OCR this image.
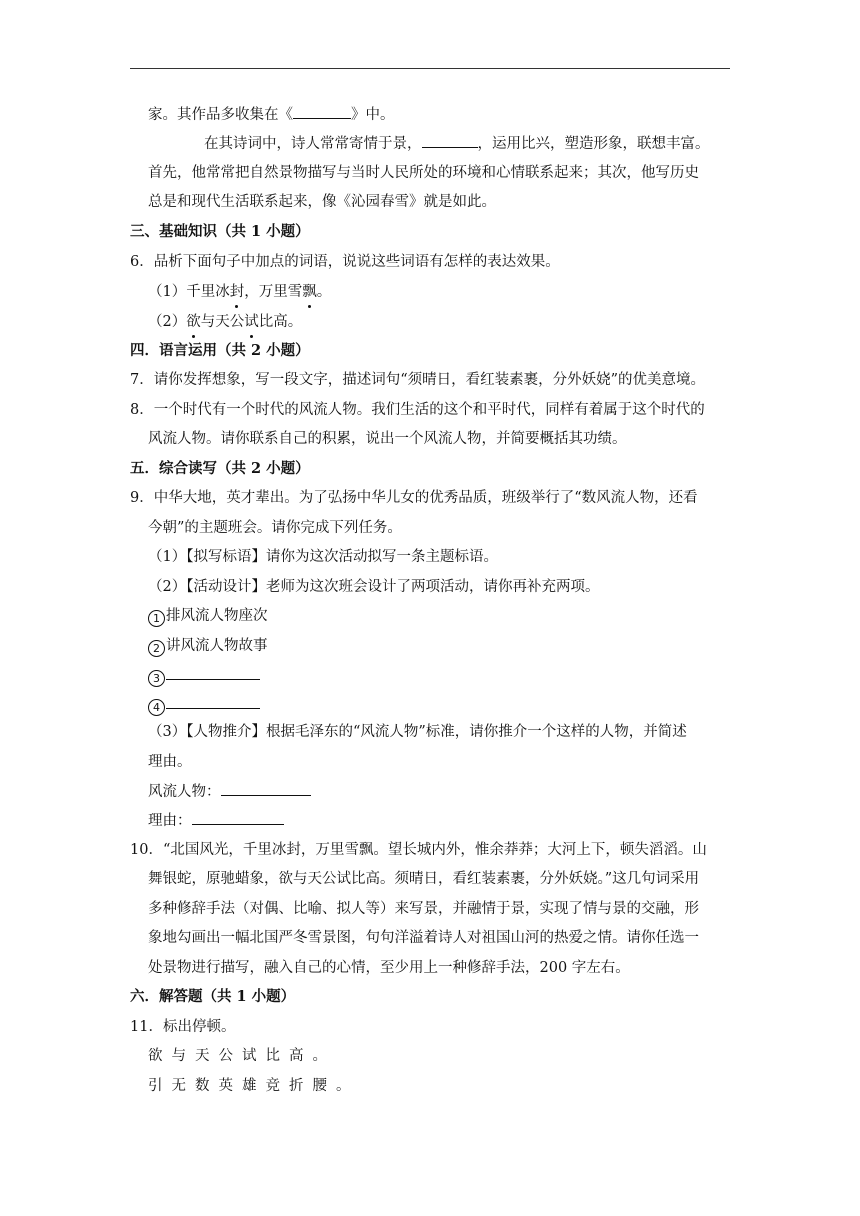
家。其作品多收集在《	》中。
在其诗词中，诗人常常寄情于景，	，运用比兴，塑造形象，联想丰富。
首先，他常常把自然景物描写与当时人民所处的环境和心情联系起来；其次，他写历史
总是和现代生活联系起来，像《沁园春雪》就是如此。
三、基础知识（共 1 小题）
6．品析下面句子中加点的词语，说说这些词语有怎样的表达效果。
（1）千里冰封，万里雪飘。
（2）欲与天公试比高。
四．语言运用（共 2 小题）
7．请你发挥想象，写一段文字，描述词句“须晴日，看红装素裹，分外妖娆”的优美意境。
8．一个时代有一个时代的风流人物。我们生活的这个和平时代，同样有着属于这个时代的
风流人物。请你联系自己的积累，说出一个风流人物，并简要概括其功绩。
五．综合读写（共 2 小题）
9．中华大地，英才辈出。为了弘扬中华儿女的优秀品质，班级举行了“数风流人物，还看
今朝”的主题班会。请你完成下列任务。
（1）【拟写标语】请你为这次活动拟写一条主题标语。
（2）【活动设计】老师为这次班会设计了两项活动，请你再补充两项。
1 排风流人物座次
2 讲风流人物故事
3
4
（3）【人物推介】根据毛泽东的“风流人物”标准，请你推介一个这样的人物，并简述
理由。
风流人物：
理由：
10．“北国风光，千里冰封，万里雪飘。望长城内外，惟余莽莽；大河上下，顿失滔滔。山
舞银蛇，原驰蜡象，欲与天公试比高。须晴日，看红装素裹，分外妖娆。”这几句词采用
多种修辞手法（对偶、比喻、拟人等）来写景，并融情于景，实现了情与景的交融，形
象地勾画出一幅北国严冬雪景图，句句洋溢着诗人对祖国山河的热爱之情。请你任选一
处景物进行描写，融入自己的心情，至少用上一种修辞手法，200 字左右。
六．解答题（共 1 小题）
11．标出停顿。
欲与天公试比高。
引无数英雄竞折腰。
